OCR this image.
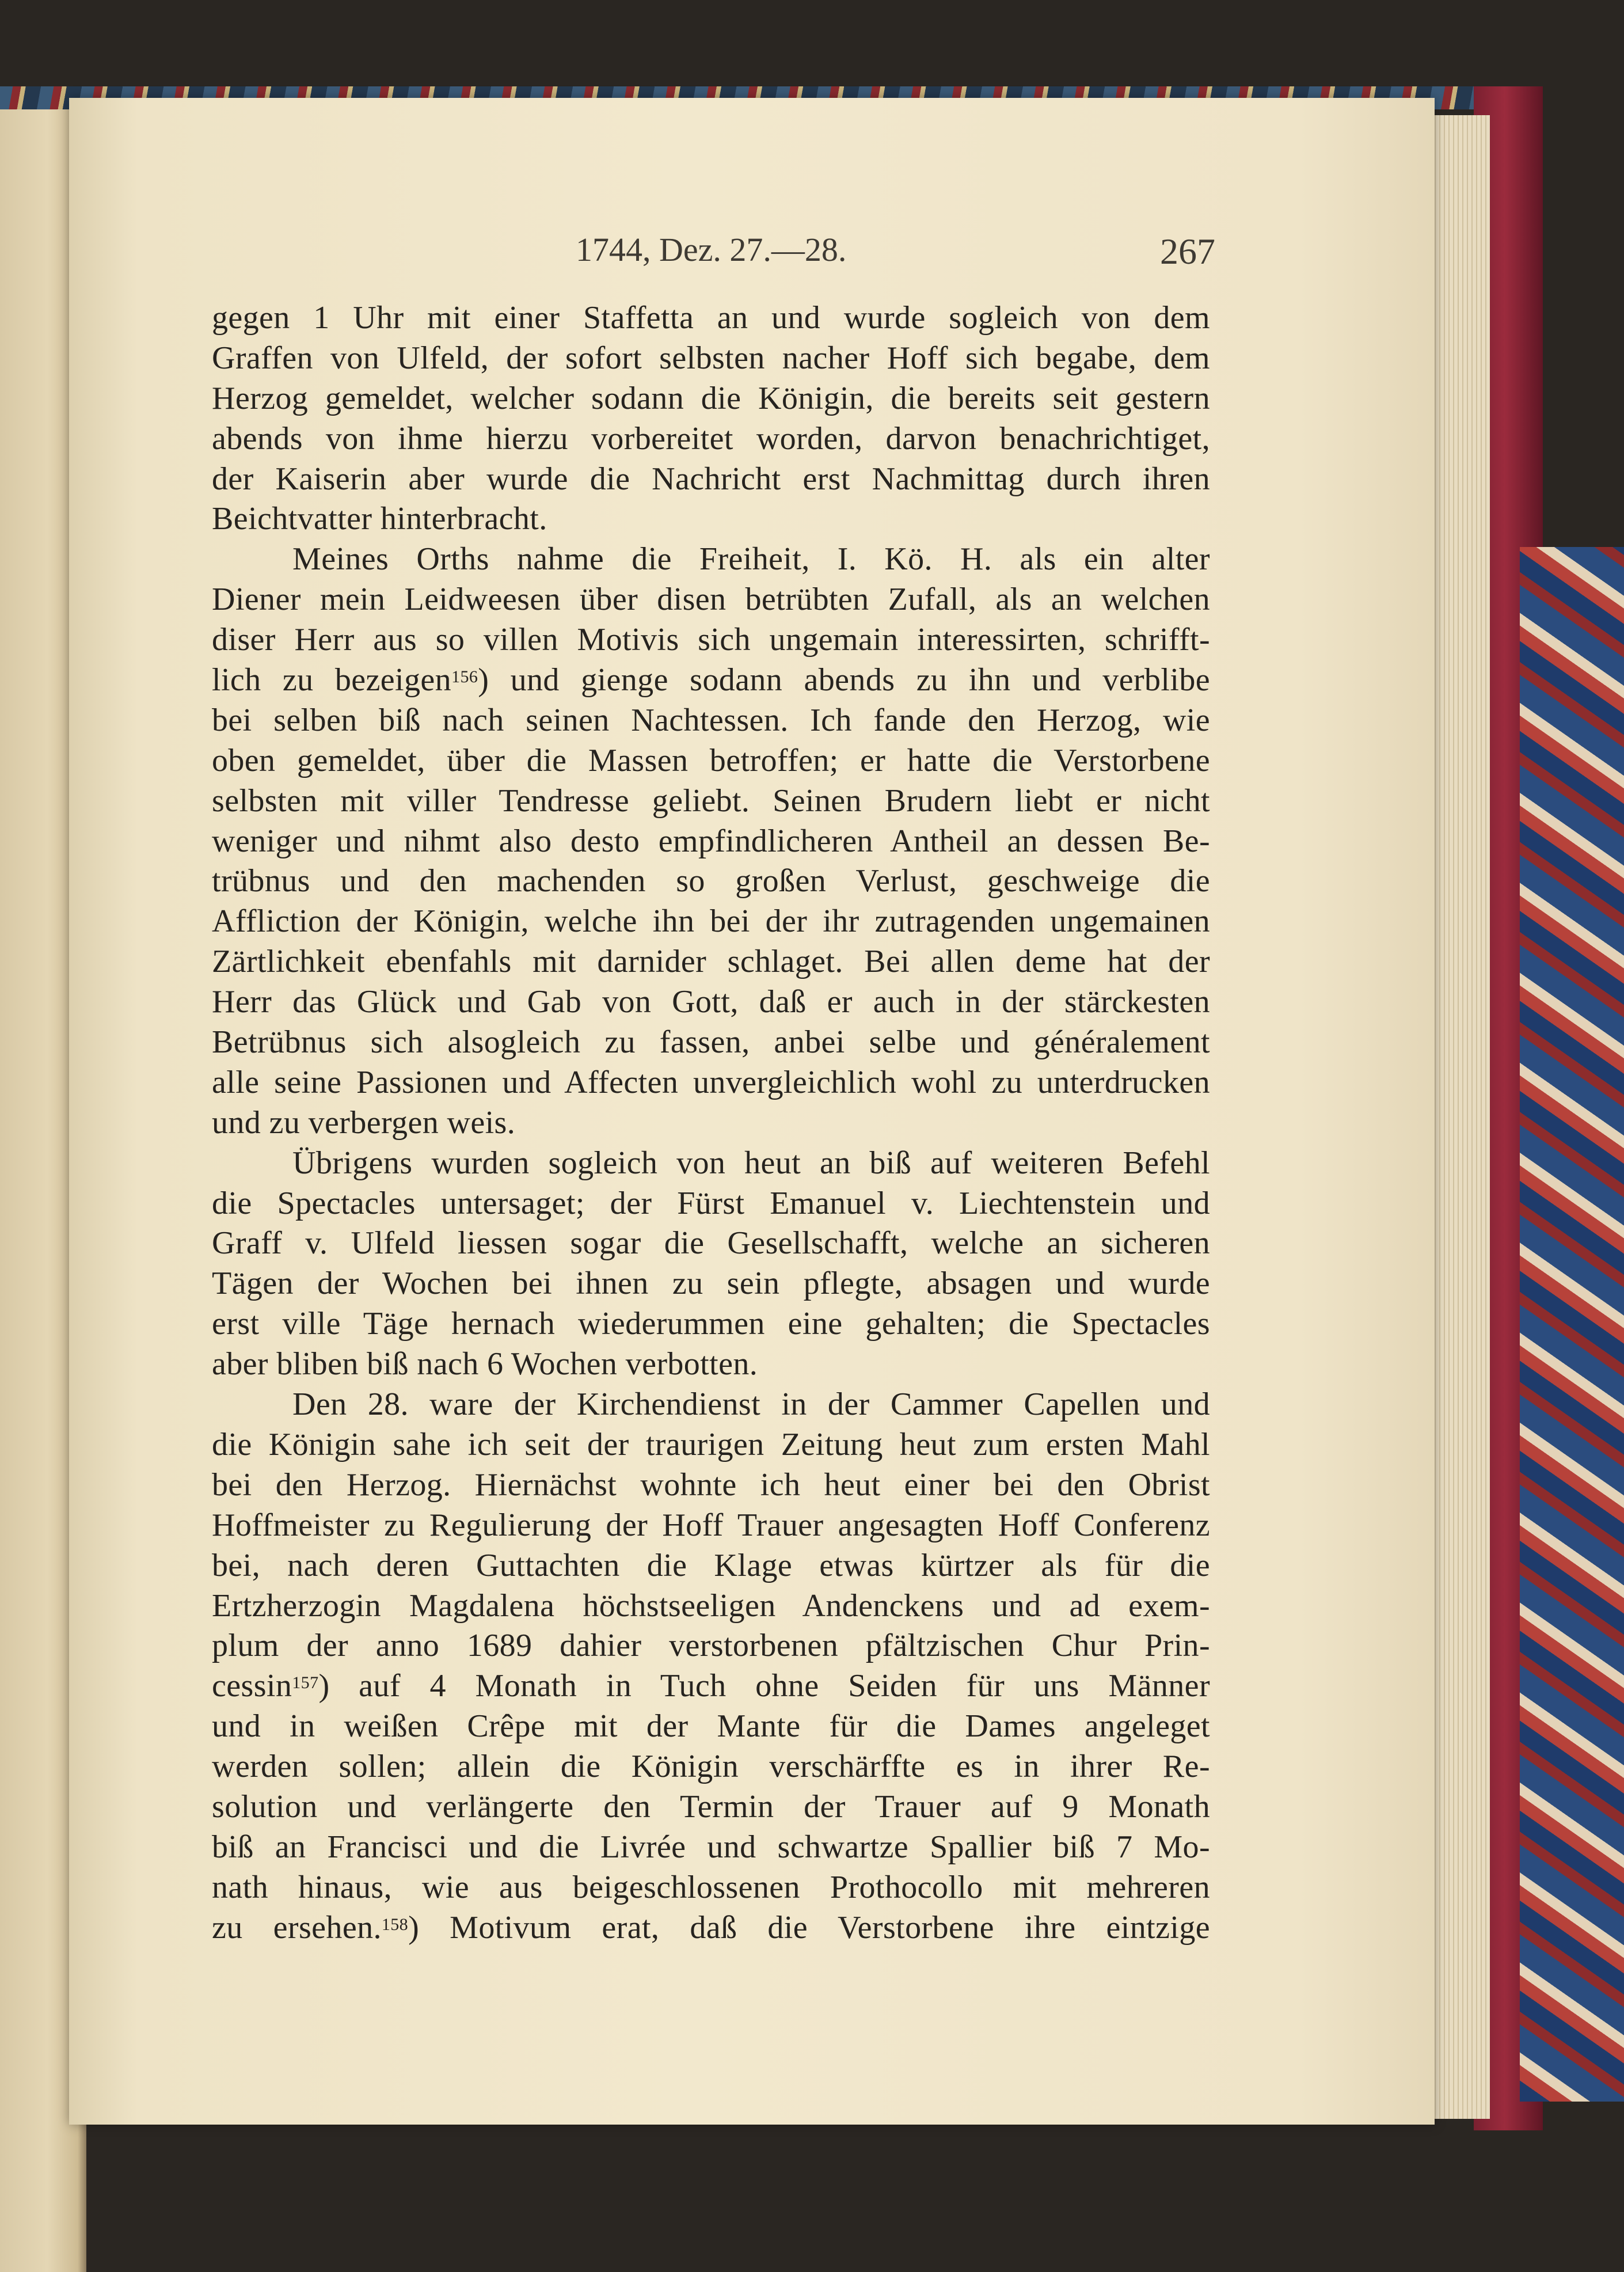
1744, Dez. 27.—28.	267
gegen 1 Uhr mit einer Staffetta an und wurde sogleich von dem
Graffen von Ulfeld, der sofort selbsten nacher Hoff sich begabe, dem
Herzog gemeldet, welcher sodann die Königin, die bereits seit gestern
abends von ihme hierzu vorbereitet worden, darvon benachrichtiget,
der Kaiserin aber wurde die Nachricht erst Nachmittag durch ihren
Beichtvatter hinterbracht.
Meines Orths nahme die Freiheit, I. Kö. H. als ein alter
Diener mein Leidweesen über disen betrübten Zufall, als an welchen
diser Herr aus so villen Motivis sich ungemain interessirten, schrifft-
lich zu bezeigen$^{156}$) und gienge sodann abends zu ihn und verblibe
bei selben biß nach seinen Nachtessen. Ich fande den Herzog, wie
oben gemeldet, über die Massen betroffen; er hatte die Verstorbene
selbsten mit viller Tendresse geliebt. Seinen Brudern liebt er nicht
weniger und nihmt also desto empfindlicheren Antheil an dessen Be-
trübnus und den machenden so großen Verlust, geschweige die
Affliction der Königin, welche ihn bei der ihr zutragenden ungemainen
Zärtlichkeit ebenfahls mit darnider schlaget. Bei allen deme hat der
Herr das Glück und Gab von Gott, daß er auch in der stärckesten
Betrübnus sich alsogleich zu fassen, anbei selbe und généralement
alle seine Passionen und Affecten unvergleichlich wohl zu unterdrucken
und zu verbergen weis.
Übrigens wurden sogleich von heut an biß auf weiteren Befehl
die Spectacles untersaget; der Fürst Emanuel v. Liechtenstein und
Graff v. Ulfeld liessen sogar die Gesellschafft, welche an sicheren
Tägen der Wochen bei ihnen zu sein pflegte, absagen und wurde
erst ville Täge hernach wiederummen eine gehalten; die Spectacles
aber bliben biß nach 6 Wochen verbotten.
Den 28. ware der Kirchendienst in der Cammer Capellen und
die Königin sahe ich seit der traurigen Zeitung heut zum ersten Mahl
bei den Herzog. Hiernächst wohnte ich heut einer bei den Obrist
Hoffmeister zu Regulierung der Hoff Trauer angesagten Hoff Conferenz
bei, nach deren Guttachten die Klage etwas kürtzer als für die
Ertzherzogin Magdalena höchstseeligen Andenckens und ad exem-
plum der anno 1689 dahier verstorbenen pfältzischen Chur Prin-
cessin$^{157}$) auf 4 Monath in Tuch ohne Seiden für uns Männer
und in weißen Crêpe mit der Mante für die Dames angeleget
werden sollen; allein die Königin verschärffte es in ihrer Re-
solution und verlängerte den Termin der Trauer auf 9 Monath
biß an Francisci und die Livrée und schwartze Spallier biß 7 Mo-
nath hinaus, wie aus beigeschlossenen Prothocollo mit mehreren
zu ersehen.$^{158}$) Motivum erat, daß die Verstorbene ihre eintzige
